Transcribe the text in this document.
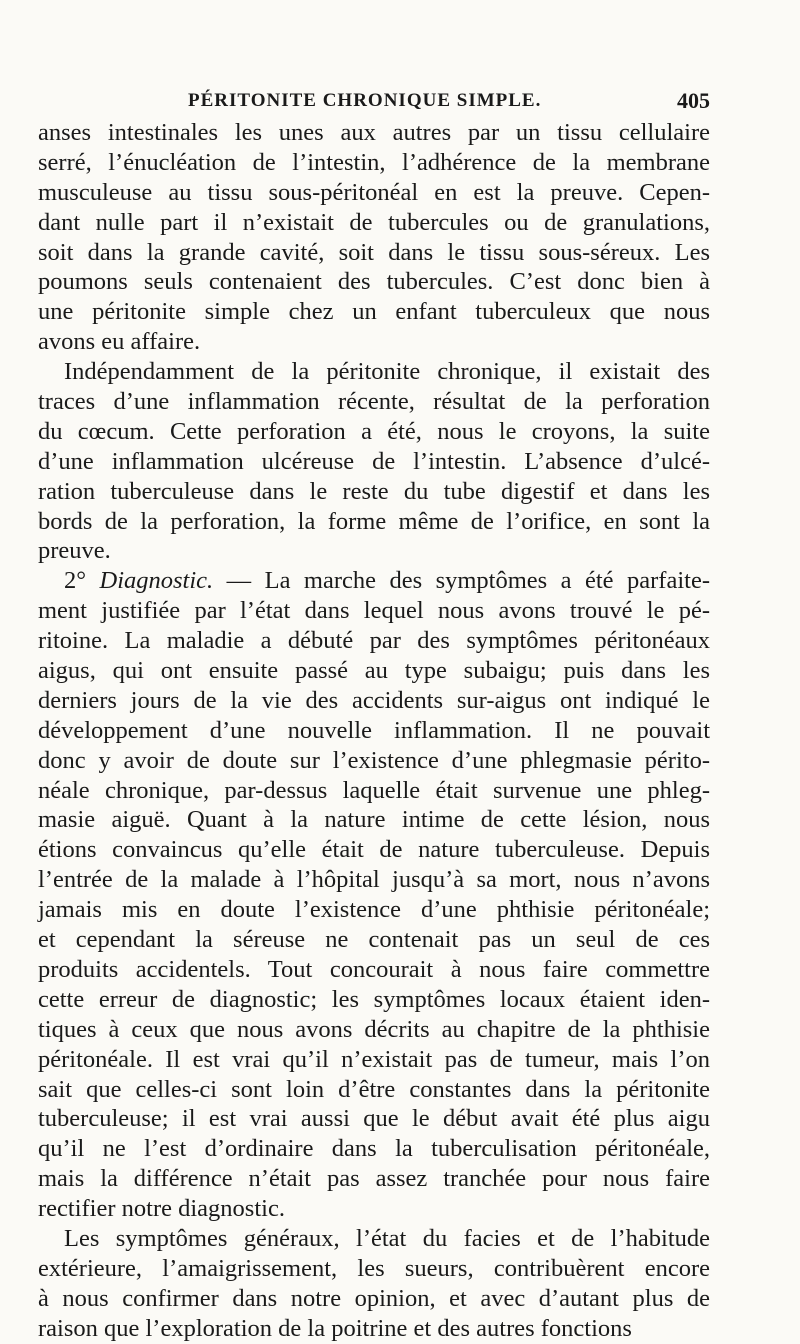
PÉRITONITE CHRONIQUE SIMPLE.	405
anses intestinales les unes aux autres par un tissu cellulaire
serré, l’énucléation de l’intestin, l’adhérence de la membrane
musculeuse au tissu sous-péritonéal en est la preuve. Cepen-
dant nulle part il n’existait de tubercules ou de granulations,
soit dans la grande cavité, soit dans le tissu sous-séreux. Les
poumons seuls contenaient des tubercules. C’est donc bien à
une péritonite simple chez un enfant tuberculeux que nous
avons eu affaire.
Indépendamment de la péritonite chronique, il existait des
traces d’une inflammation récente, résultat de la perforation
du cœcum. Cette perforation a été, nous le croyons, la suite
d’une inflammation ulcéreuse de l’intestin. L’absence d’ulcé-
ration tuberculeuse dans le reste du tube digestif et dans les
bords de la perforation, la forme même de l’orifice, en sont la
preuve.
2° Diagnostic. — La marche des symptômes a été parfaite-
ment justifiée par l’état dans lequel nous avons trouvé le pé-
ritoine. La maladie a débuté par des symptômes péritonéaux
aigus, qui ont ensuite passé au type subaigu; puis dans les
derniers jours de la vie des accidents sur-aigus ont indiqué le
développement d’une nouvelle inflammation. Il ne pouvait
donc y avoir de doute sur l’existence d’une phlegmasie périto-
néale chronique, par-dessus laquelle était survenue une phleg-
masie aiguë. Quant à la nature intime de cette lésion, nous
étions convaincus qu’elle était de nature tuberculeuse. Depuis
l’entrée de la malade à l’hôpital jusqu’à sa mort, nous n’avons
jamais mis en doute l’existence d’une phthisie péritonéale;
et cependant la séreuse ne contenait pas un seul de ces
produits accidentels. Tout concourait à nous faire commettre
cette erreur de diagnostic; les symptômes locaux étaient iden-
tiques à ceux que nous avons décrits au chapitre de la phthisie
péritonéale. Il est vrai qu’il n’existait pas de tumeur, mais l’on
sait que celles-ci sont loin d’être constantes dans la péritonite
tuberculeuse; il est vrai aussi que le début avait été plus aigu
qu’il ne l’est d’ordinaire dans la tuberculisation péritonéale,
mais la différence n’était pas assez tranchée pour nous faire
rectifier notre diagnostic.
Les symptômes généraux, l’état du facies et de l’habitude
extérieure, l’amaigrissement, les sueurs, contribuèrent encore
à nous confirmer dans notre opinion, et avec d’autant plus de
raison que l’exploration de la poitrine et des autres fonctions
